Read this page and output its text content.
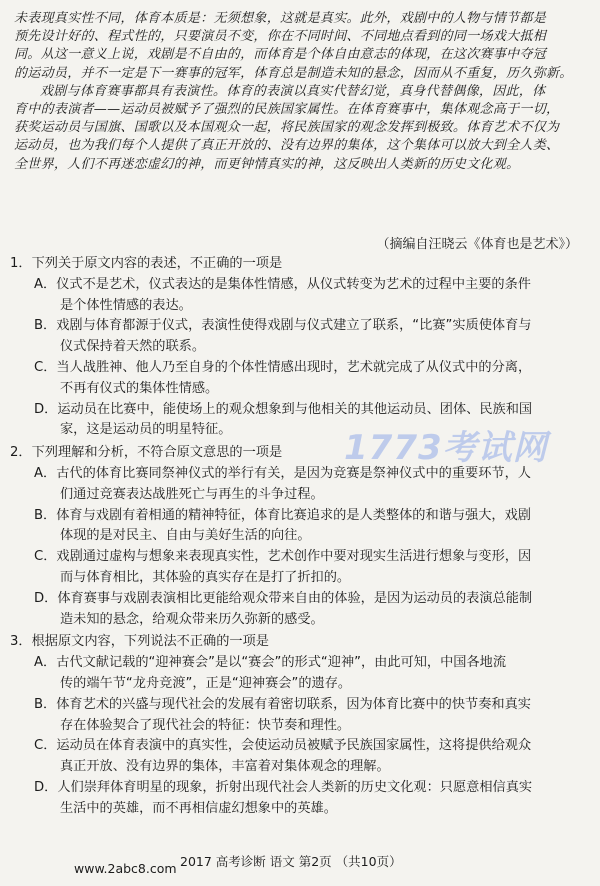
未表现真实性不同，体育本质是：无须想象，这就是真实。此外，戏剧中的人物与情节都是
预先设计好的、程式性的，只要演员不变，你在不同时间、不同地点看到的同一场戏大抵相
同。从这一意义上说，戏剧是不自由的，而体育是个体自由意志的体现，在这次赛事中夺冠
的运动员，并不一定是下一赛事的冠军，体育总是制造未知的悬念，因而从不重复，历久弥新。
戏剧与体育赛事都具有表演性。体育的表演以真实代替幻觉，真身代替偶像，因此，体
育中的表演者——运动员被赋予了强烈的民族国家属性。在体育赛事中，集体观念高于一切，
获奖运动员与国旗、国歌以及本国观众一起，将民族国家的观念发挥到极致。体育艺术不仅为
运动员，也为我们每个人提供了真正开放的、没有边界的集体，这个集体可以放大到全人类、
全世界，人们不再迷恋虚幻的神，而更钟情真实的神，这反映出人类新的历史文化观。
（摘编自汪晓云《体育也是艺术》）
1．下列关于原文内容的表述，不正确的一项是
A．仪式不是艺术，仪式表达的是集体性情感，从仪式转变为艺术的过程中主要的条件
是个体性情感的表达。
B．戏剧与体育都源于仪式，表演性使得戏剧与仪式建立了联系，“比赛”实质使体育与
仪式保持着天然的联系。
C．当人战胜神、他人乃至自身的个体性情感出现时，艺术就完成了从仪式中的分离，
不再有仪式的集体性情感。
D．运动员在比赛中，能使场上的观众想象到与他相关的其他运动员、团体、民族和国
家，这是运动员的明星特征。
2．下列理解和分析，不符合原文意思的一项是
A．古代的体育比赛同祭神仪式的举行有关，是因为竞赛是祭神仪式中的重要环节，人
们通过竞赛表达战胜死亡与再生的斗争过程。
B．体育与戏剧有着相通的精神特征，体育比赛追求的是人类整体的和谐与强大，戏剧
体现的是对民主、自由与美好生活的向往。
C．戏剧通过虚构与想象来表现真实性，艺术创作中要对现实生活进行想象与变形，因
而与体育相比，其体验的真实存在是打了折扣的。
D．体育赛事与戏剧表演相比更能给观众带来自由的体验，是因为运动员的表演总能制
造未知的悬念，给观众带来历久弥新的感受。
3．根据原文内容，下列说法不正确的一项是
A．古代文献记载的“迎神赛会”是以“赛会”的形式“迎神”，由此可知，中国各地流
传的端午节“龙舟竞渡”，正是“迎神赛会”的遗存。
B．体育艺术的兴盛与现代社会的发展有着密切联系，因为体育比赛中的快节奏和真实
存在体验契合了现代社会的特征：快节奏和理性。
C．运动员在体育表演中的真实性，会使运动员被赋予民族国家属性，这将提供给观众
真正开放、没有边界的集体，丰富着对集体观念的理解。
D．人们崇拜体育明星的现象，折射出现代社会人类新的历史文化观：只愿意相信真实
生活中的英雄，而不再相信虚幻想象中的英雄。
1773考试网
2017 高考诊断 语文 第2页 （共10页）
www.2abc8.com
